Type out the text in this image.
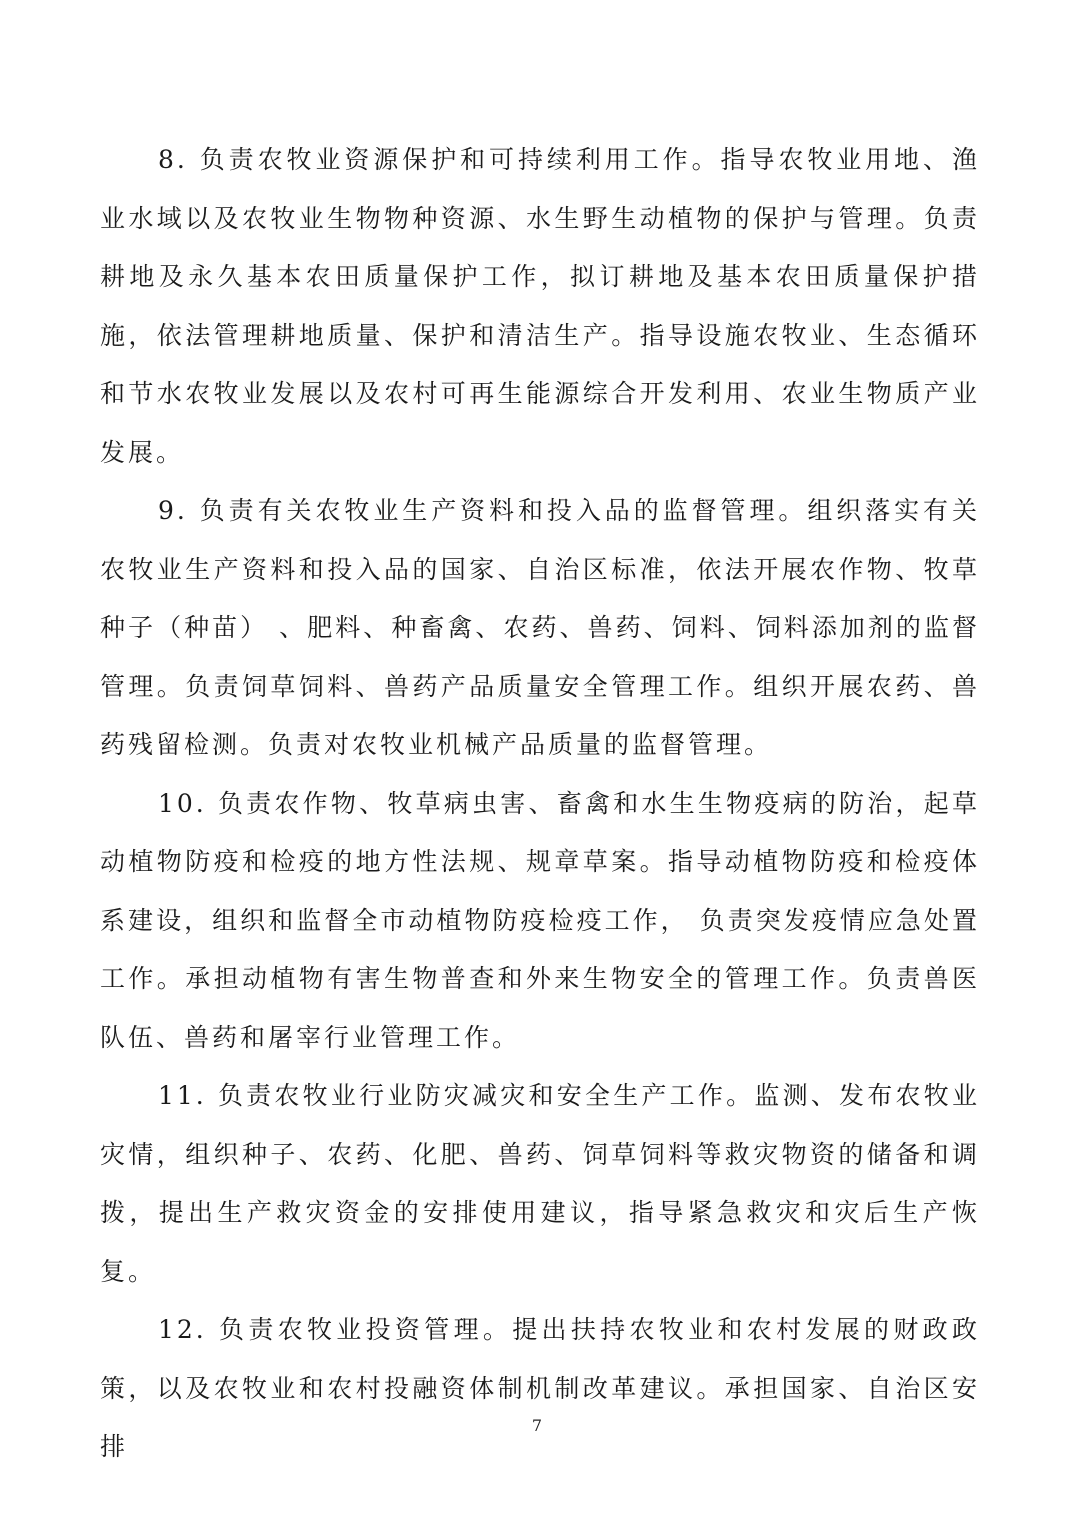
8. 负责农牧业资源保护和可持续利用工作。指导农牧业用地、渔业水域以及农牧业生物物种资源、水生野生动植物的保护与管理。负责耕地及永久基本农田质量保护工作，拟订耕地及基本农田质量保护措施，依法管理耕地质量、保护和清洁生产。指导设施农牧业、生态循环和节水农牧业发展以及农村可再生能源综合开发利用、农业生物质产业发展。

9. 负责有关农牧业生产资料和投入品的监督管理。组织落实有关农牧业生产资料和投入品的国家、自治区标准，依法开展农作物、牧草种子（种苗） 、肥料、种畜禽、农药、兽药、饲料、饲料添加剂的监督管理。负责饲草饲料、兽药产品质量安全管理工作。组织开展农药、兽药残留检测。负责对农牧业机械产品质量的监督管理。

10. 负责农作物、牧草病虫害、畜禽和水生生物疫病的防治，起草动植物防疫和检疫的地方性法规、规章草案。指导动植物防疫和检疫体系建设，组织和监督全市动植物防疫检疫工作， 负责突发疫情应急处置工作。承担动植物有害生物普查和外来生物安全的管理工作。负责兽医队伍、兽药和屠宰行业管理工作。

11. 负责农牧业行业防灾减灾和安全生产工作。监测、发布农牧业灾情，组织种子、农药、化肥、兽药、饲草饲料等救灾物资的储备和调拨，提出生产救灾资金的安排使用建议，指导紧急救灾和灾后生产恢复。

12. 负责农牧业投资管理。提出扶持农牧业和农村发展的财政政策，以及农牧业和农村投融资体制机制改革建议。承担国家、自治区安排

7
